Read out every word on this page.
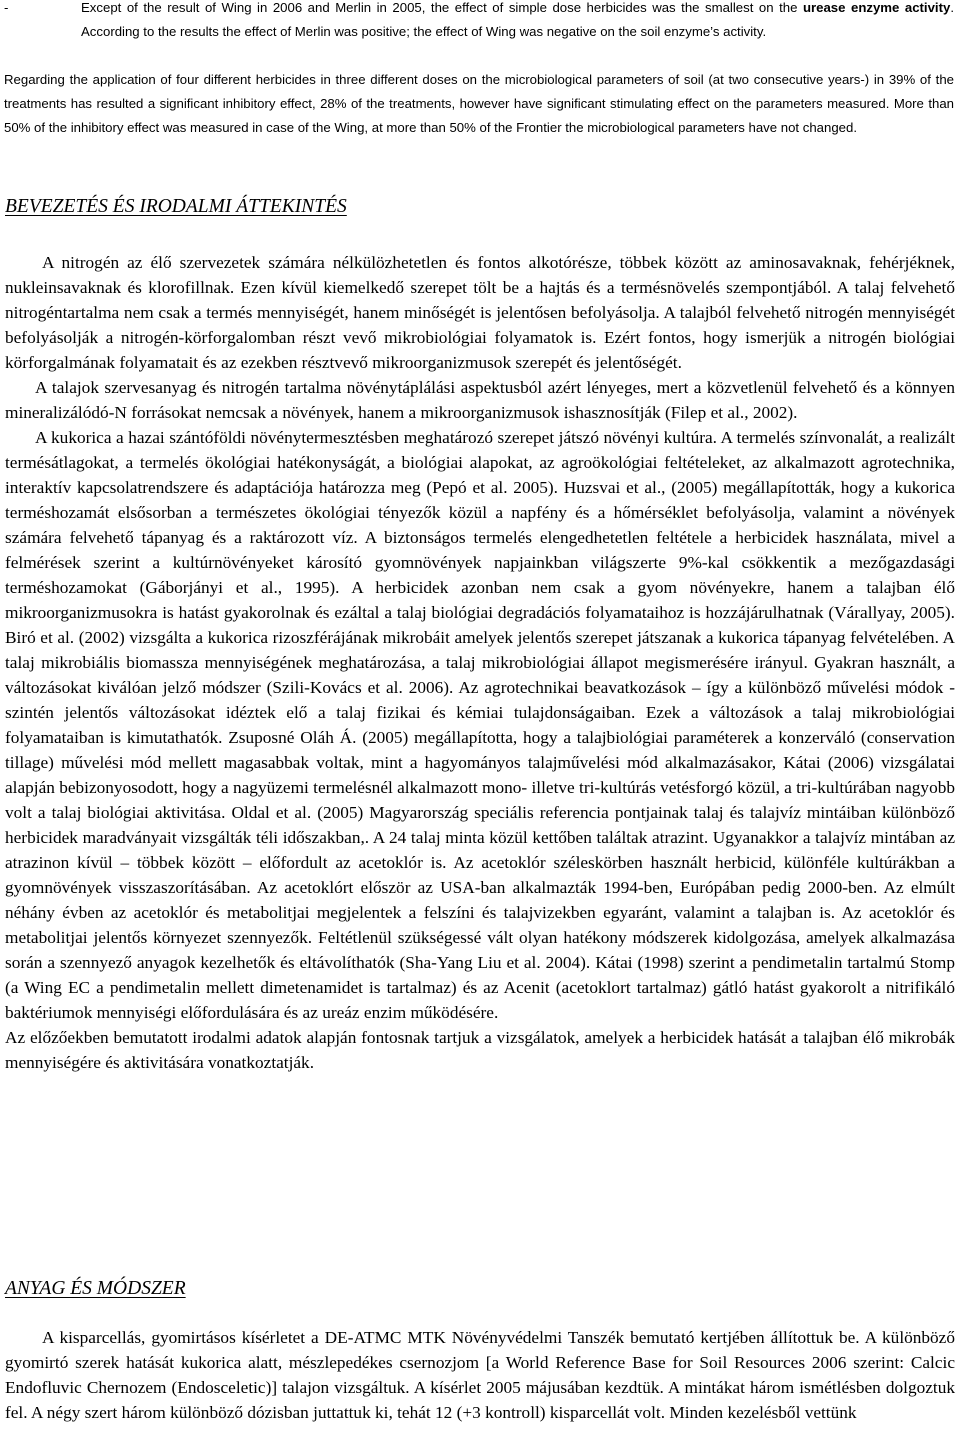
-	Except of the result of Wing in 2006 and Merlin in 2005, the effect of simple dose herbicides was the smallest on the urease enzyme activity. According to the results the effect of Merlin was positive; the effect of Wing was negative on the soil enzyme’s activity.
Regarding the application of four different herbicides in three different doses on the microbiological parameters of soil (at two consecutive years-) in 39% of the treatments has resulted a significant inhibitory effect, 28% of the treatments, however have significant stimulating effect on the parameters measured. More than 50% of the inhibitory effect was measured in case of the Wing, at more than 50% of the Frontier the microbiological parameters have not changed.
BEVEZETÉS ÉS IRODALMI ÁTTEKINTÉS

A nitrogén az élő szervezetek számára nélkülözhetetlen és fontos alkotórésze, többek között az aminosavaknak, fehérjéknek, nukleinsavaknak és klorofillnak. Ezen kívül kiemelkedő szerepet tölt be a hajtás és a termésnövelés szempontjából. A talaj felvehető nitrogéntartalma nem csak a termés mennyiségét, hanem minőségét is jelentősen befolyásolja. A talajból felvehető nitrogén mennyiségét befolyásolják a nitrogén-körforgalomban részt vevő mikrobiológiai folyamatok is. Ezért fontos, hogy ismerjük a nitrogén biológiai körforgalmának folyamatait és az ezekben résztvevő mikroorganizmusok szerepét és jelentőségét.

A talajok szervesanyag és nitrogén tartalma növénytáplálási aspektusból azért lényeges, mert a közvetlenül felvehető és a könnyen mineralizálódó-N forrásokat nemcsak a növények, hanem a mikroorganizmusok ishasznosítják (Filep et al., 2002).

A kukorica a hazai szántóföldi növénytermesztésben meghatározó szerepet játszó növényi kultúra. A termelés színvonalát, a realizált termésátlagokat, a termelés ökológiai hatékonyságát, a biológiai alapokat, az agroökológiai feltételeket, az alkalmazott agrotechnika, interaktív kapcsolatrendszere és adaptációja határozza meg (Pepó et al. 2005). Huzsvai et al., (2005) megállapították, hogy a kukorica terméshozamát elsősorban a természetes ökológiai tényezők közül a napfény és a hőmérséklet befolyásolja, valamint a növények számára felvehető tápanyag és a raktározott víz. A biztonságos termelés elengedhetetlen feltétele a herbicidek használata, mivel a felmérések szerint a kultúrnövényeket károsító gyomnövények napjainkban világszerte 9%-kal csökkentik a mezőgazdasági terméshozamokat (Gáborjányi et al., 1995). A herbicidek azonban nem csak a gyom növényekre, hanem a talajban élő mikroorganizmusokra is hatást gyakorolnak és ezáltal a talaj biológiai degradációs folyamataihoz is hozzájárulhatnak (Várallyay, 2005). Biró et al. (2002) vizsgálta a kukorica rizoszférájának mikrobáit amelyek jelentős szerepet játszanak a kukorica tápanyag felvételében. A talaj mikrobiális biomassza mennyiségének meghatározása, a talaj mikrobiológiai állapot megismerésére irányul. Gyakran használt, a változásokat kiválóan jelző módszer (Szili-Kovács et al. 2006). Az agrotechnikai beavatkozások – így a különböző művelési módok - szintén jelentős változásokat idéztek elő a talaj fizikai és kémiai tulajdonságaiban. Ezek a változások a talaj mikrobiológiai folyamataiban is kimutathatók. Zsuposné Oláh Á. (2005) megállapította, hogy a talajbiológiai paraméterek a konzerváló (conservation tillage) művelési mód mellett magasabbak voltak, mint a hagyományos talajművelési mód alkalmazásakor, Kátai (2006) vizsgálatai alapján bebizonyosodott, hogy a nagyüzemi termelésnél alkalmazott mono- illetve tri-kultúrás vetésforgó közül, a tri-kultúrában nagyobb volt a talaj biológiai aktivitása. Oldal et al. (2005) Magyarország speciális referencia pontjainak talaj és talajvíz mintáiban különböző herbicidek maradványait vizsgálták téli időszakban,. A 24 talaj minta közül kettőben találtak atrazint. Ugyanakkor a talajvíz mintában az atrazinon kívül – többek között – előfordult az acetoklór is. Az acetoklór széleskörben használt herbicid, különféle kultúrákban a gyomnövények visszaszorításában. Az acetoklórt először az USA-ban alkalmazták 1994-ben, Európában pedig 2000-ben. Az elmúlt néhány évben az acetoklór és metabolitjai megjelentek a felszíni és talajvizekben egyaránt, valamint a talajban is. Az acetoklór és metabolitjai jelentős környezet szennyezők. Feltétlenül szükségessé vált olyan hatékony módszerek kidolgozása, amelyek alkalmazása során a szennyező anyagok kezelhetők és eltávolíthatók (Sha-Yang Liu et al. 2004). Kátai (1998) szerint a pendimetalin tartalmú Stomp (a Wing EC a pendimetalin mellett dimetenamidet is tartalmaz) és az Acenit (acetoklort tartalmaz) gátló hatást gyakorolt a nitrifikáló baktériumok mennyiségi előfordulására és az ureáz enzim működésére.

Az előzőekben bemutatott irodalmi adatok alapján fontosnak tartjuk a vizsgálatok, amelyek a herbicidek hatását a talajban élő mikrobák mennyiségére és aktivitására vonatkoztatják.

ANYAG ÉS MÓDSZER

A kisparcellás, gyomirtásos kísérletet a DE-ATMC MTK Növényvédelmi Tanszék bemutató kertjében állítottuk be. A különböző gyomirtó szerek hatását kukorica alatt, mészlepedékes csernozjom [a World Reference Base for Soil Resources 2006 szerint: Calcic Endofluvic Chernozem (Endosceletic)] talajon vizsgáltuk. A kísérlet 2005 májusában kezdtük. A mintákat három ismétlésben dolgoztuk fel. A négy szert három különböző dózisban juttattuk ki, tehát 12 (+3 kontroll) kisparcellát volt. Minden kezelésből vettünk
